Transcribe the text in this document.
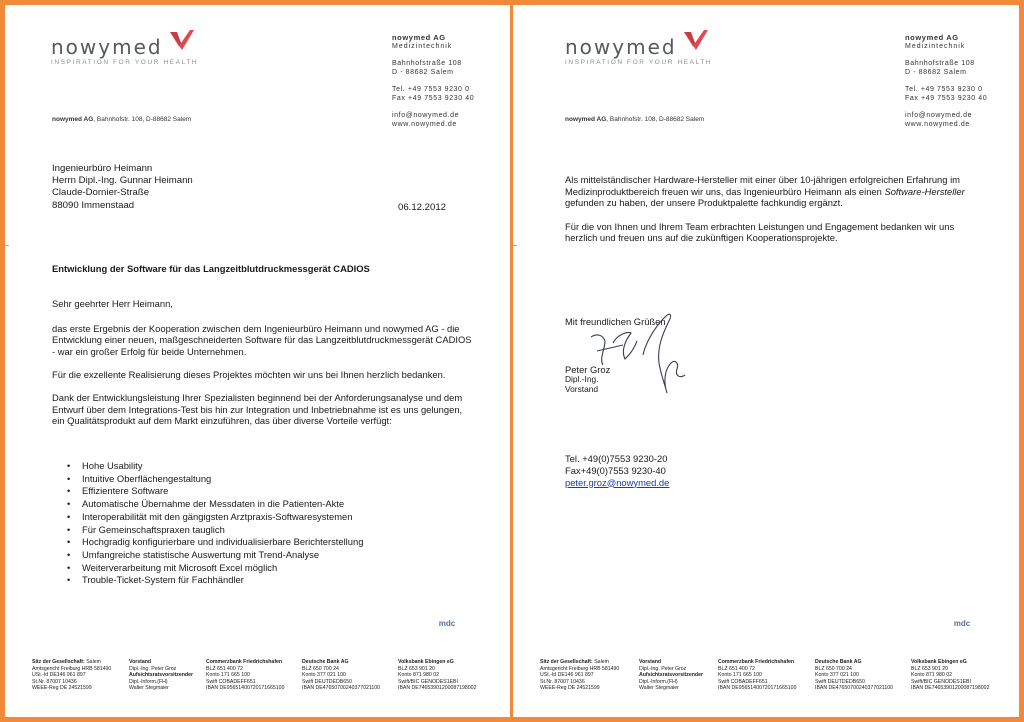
nowymed
INSPIRATION FOR YOUR HEALTH
nowymed AG
Medizintechnik
Bahnhofstraße 108
D - 88682 Salem
Tel. +49 7553 9230 0
Fax +49 7553 9230 40
info@nowymed.de
www.nowymed.de
nowymed AG, Bahnhofstr. 108, D-88682 Salem
Ingenieurbüro Heimann
Herrn Dipl.-Ing. Gunnar Heimann
Claude-Dornier-Straße
88090 Immenstaad	06.12.2012
Entwicklung der Software für das Langzeitblutdruckmessgerät CADIOS

Sehr geehrter Herr Heimann,

das erste Ergebnis der Kooperation zwischen dem Ingenieurbüro Heimann und nowymed AG - die Entwicklung einer neuen, maßgeschneiderten Software für das Langzeitblutdruckmessgerät CADIOS - war ein großer Erfolg für beide Unternehmen.

Für die exzellente Realisierung dieses Projektes möchten wir uns bei Ihnen herzlich bedanken.

Dank der Entwicklungsleistung Ihrer Spezialisten beginnend bei der Anforderungsanalyse und dem Entwurf über dem Integrations-Test bis hin zur Integration und Inbetriebnahme ist es uns gelungen, ein Qualitätsprodukt auf dem Markt einzuführen, das über diverse Vorteile verfügt:

• Hohe Usability
• Intuitive Oberflächengestaltung
• Effizientere Software
• Automatische Übernahme der Messdaten in die Patienten-Akte
• Interoperabilität mit den gängigsten Arztpraxis-Softwaresystemen
• Für Gemeinschaftspraxen tauglich
• Hochgradig konfigurierbare und individualisierbare Berichterstellung
• Umfangreiche statistische Auswertung mit Trend-Analyse
• Weiterverarbeitung mit Microsoft Excel möglich
• Trouble-Ticket-System für Fachhändler
mdc
Sitz der Gesellschaft: Salem
Amtsgericht Freiburg HRB 581490
USt.-Id DE146 961 897
St.Nr. 87007 10436
WEEE-Reg DE 24521599
Vorstand
Dipl.-Ing. Peter Groz
Aufsichtsratsvorsitzender
Dipl.-Inform.(FH)
Walter Stegmaier
Commerzbank Friedrichshafen
BLZ 651 400 72
Konto 171 665 100
Swift COBADEFF651
IBAN DE95651400720171665100
Deutsche Bank AG
BLZ 650 700 24
Konto 377 021 100
Swift DEUTDEDB650
IBAN DE47650700240377021100
Volksbank Ebingen eG
BLZ 653 901 20
Konto 871 980 02
Swift/BIC GENODES1EBI
IBAN DE74653901200087198002
nowymed
INSPIRATION FOR YOUR HEALTH
nowymed AG
Medizintechnik
Bahnhofstraße 108
D - 88682 Salem
Tel. +49 7553 9230 0
Fax +49 7553 9230 40
info@nowymed.de
www.nowymed.de
nowymed AG, Bahnhofstr. 108, D-88682 Salem

Als mittelständischer Hardware-Hersteller mit einer über 10-jährigen erfolgreichen Erfahrung im Medizinproduktbereich freuen wir uns, das Ingenieurbüro Heimann als einen Software-Hersteller gefunden zu haben, der unsere Produktpalette fachkundig ergänzt.

Für die von Ihnen und Ihrem Team erbrachten Leistungen und Engagement bedanken wir uns herzlich und freuen uns auf die zukünftigen Kooperationsprojekte.

Mit freundlichen Grüßen
Peter Groz
Dipl.-Ing.
Vorstand
Tel. +49(0)7553 9230-20
Fax+49(0)7553 9230-40
peter.groz@nowymed.de
mdc
Sitz der Gesellschaft: Salem
Amtsgericht Freiburg HRB 581490
USt.-Id DE146 961 897
St.Nr. 87007 10436
WEEE-Reg DE 24521599
Vorstand
Dipl.-Ing. Peter Groz
Aufsichtsratsvorsitzender
Dipl.-Inform.(FH)
Walter Stegmaier
Commerzbank Friedrichshafen
BLZ 651 400 72
Konto 171 665 100
Swift COBADEFF651
IBAN DE95651400720171665100
Deutsche Bank AG
BLZ 650 700 24
Konto 377 021 100
Swift DEUTDEDB650
IBAN DE47650700240377021100
Volksbank Ebingen eG
BLZ 653 901 20
Konto 871 980 02
Swift/BIC GENODES1EBI
IBAN DE74653901200087198002
